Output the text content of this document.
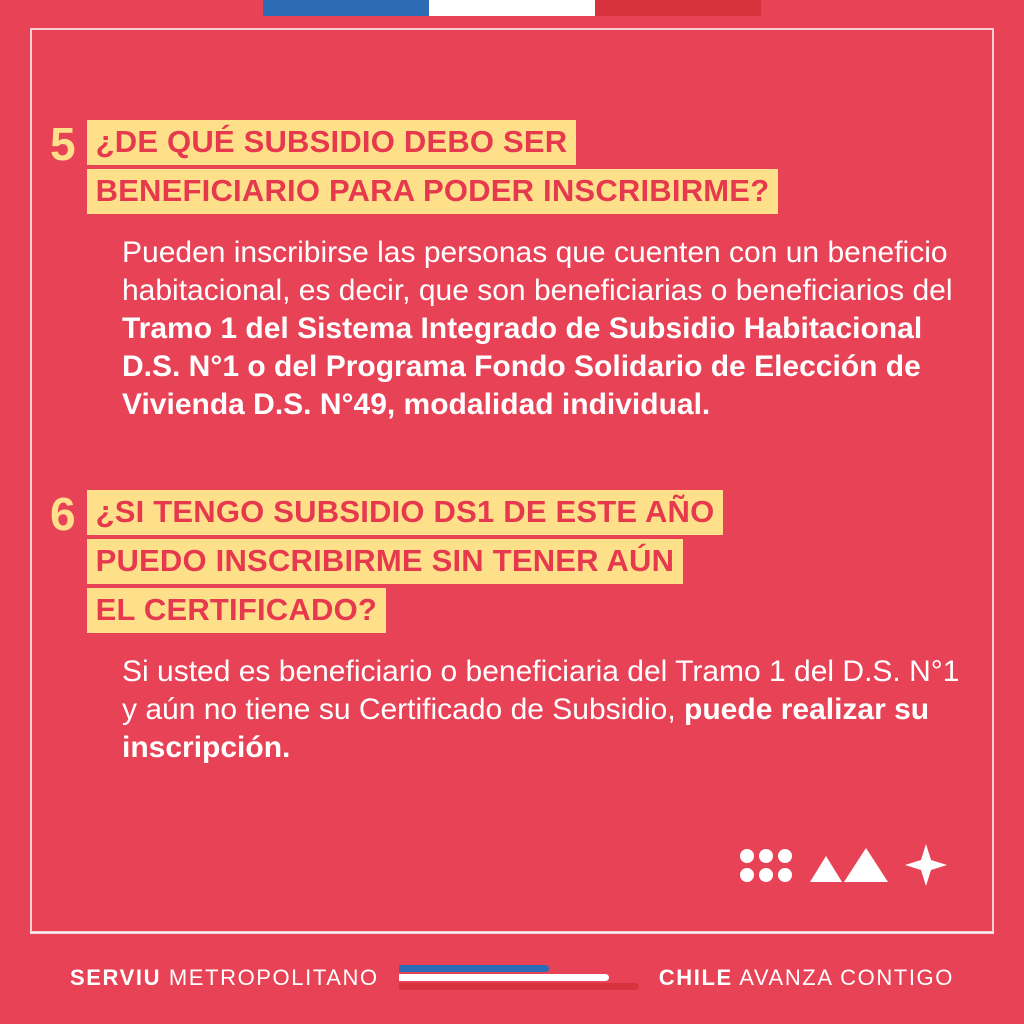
5 ¿DE QUÉ SUBSIDIO DEBO SER
BENEFICIARIO PARA PODER INSCRIBIRME?
Pueden inscribirse las personas que cuenten con un beneficio habitacional, es decir, que son beneficiarias o beneficiarios del Tramo 1 del Sistema Integrado de Subsidio Habitacional D.S. N°1 o del Programa Fondo Solidario de Elección de Vivienda D.S. N°49, modalidad individual.
6 ¿SI TENGO SUBSIDIO DS1 DE ESTE AÑO
PUEDO INSCRIBIRME SIN TENER AÚN
EL CERTIFICADO?
Si usted es beneficiario o beneficiaria del Tramo 1 del D.S. N°1 y aún no tiene su Certificado de Subsidio, puede realizar su inscripción.
SERVIU METROPOLITANO	CHILE AVANZA CONTIGO
